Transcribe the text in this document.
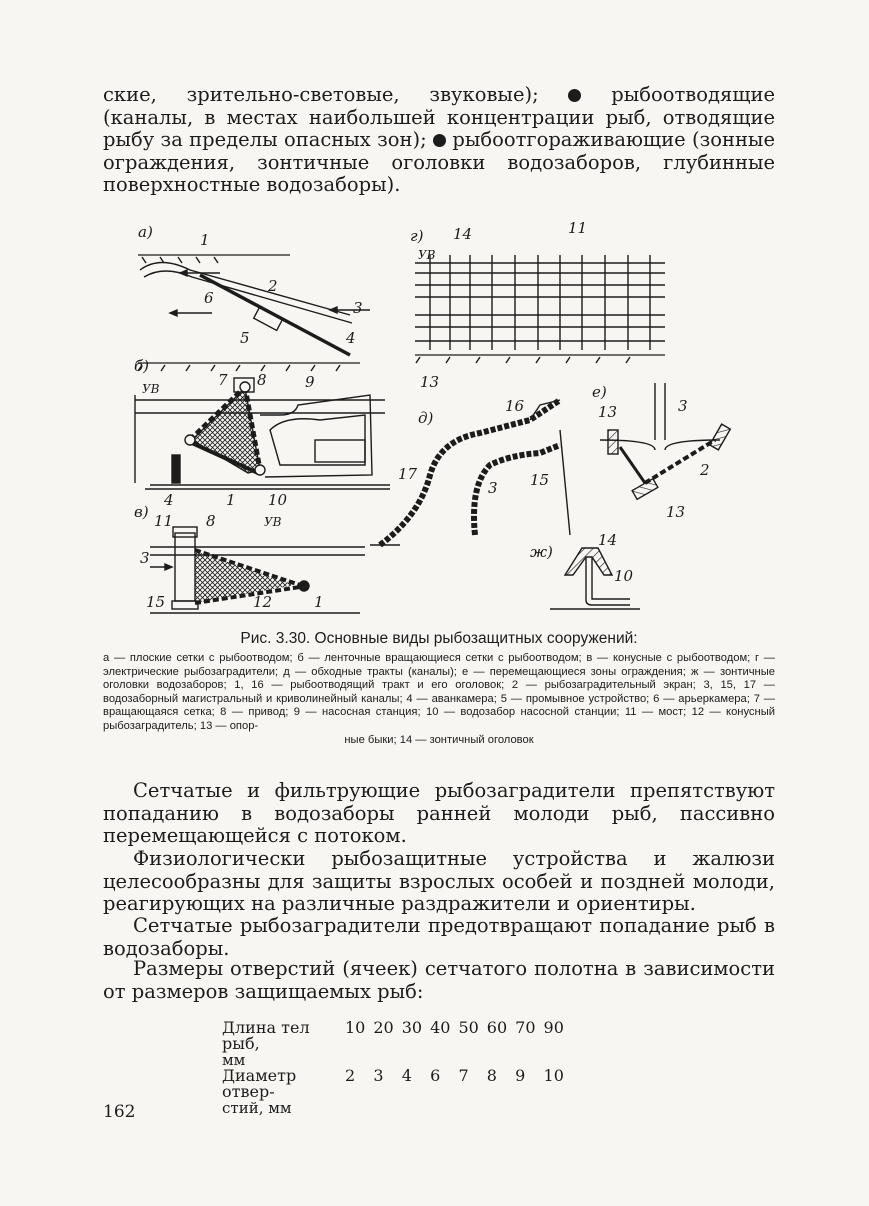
ские, зрительно-световые, звуковые);	рыбоотводящие (каналы, в местах наибольшей концентрации рыб, отводящие рыбу за пределы опасных зон); рыбоотгораживающие (зонные ограждения, зонтичные оголовки водозаборов, глубинные поверхностные водозаборы).

а)	1
2
3
4
5
6
б)
УВ	7 8	9
4	1 10
в) 11 8	УВ
3
15	12	1
г)
УВ
14	11
13
д)
16
17
3 15
е)
13	3
2
13
ж)
14
10

Рис. 3.30. Основные виды рыбозащитных сооружений:

а — плоские сетки с рыбоотводом; б — ленточные вращающиеся сетки с рыбоотводом; в — конусные с рыбоотводом; г — электрические рыбозаградители; д — обходные тракты (каналы); е — перемещающиеся зоны ограждения; ж — зонтичные оголовки водозаборов; 1, 16 — рыбоотводящий тракт и его оголовок; 2 — рыбозаградительный экран; 3, 15, 17 — водозаборный магистральный и криволинейный каналы; 4 — аванкамера; 5 — промывное устройство; 6 — арьеркамера; 7 — вращающаяся сетка; 8 — привод; 9 — насосная станция; 10 — водозабор насосной станции; 11 — мост; 12 — конусный рыбозаградитель; 13 — опор-
ные быки; 14 — зонтичный оголовок

Сетчатые и фильтрующие рыбозаградители препятствуют попаданию в водозаборы ранней молоди рыб, пассивно перемещающейся с потоком.

Физиологически рыбозащитные устройства и жалюзи целесообразны для защиты взрослых особей и поздней молоди, реагирующих на различные раздражители и ориентиры.

Сетчатые рыбозаградители предотвращают попадание рыб в водозаборы.

Размеры отверстий (ячеек) сетчатого полотна в зависимости от размеров защищаемых рыб:

Длина тел рыб,
мм	10	20	30	40	50	60	70	90
Диаметр отвер-
стий, мм	2	3	4	6	7	8	9	10

162
